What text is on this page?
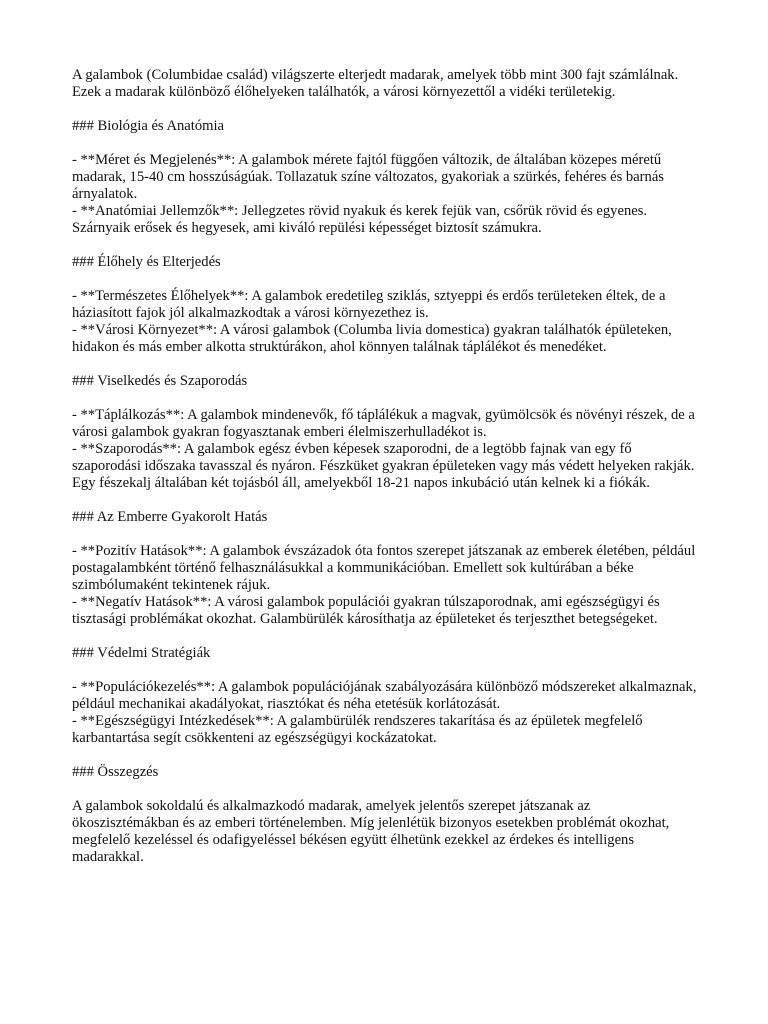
A galambok (Columbidae család) világszerte elterjedt madarak, amelyek több mint 300 fajt számlálnak. Ezek a madarak különböző élőhelyeken találhatók, a városi környezettől a vidéki területekig.

### Biológia és Anatómia

- **Méret és Megjelenés**: A galambok mérete fajtól függően változik, de általában közepes méretű madarak, 15-40 cm hosszúságúak. Tollazatuk színe változatos, gyakoriak a szürkés, fehéres és barnás árnyalatok.

- **Anatómiai Jellemzők**: Jellegzetes rövid nyakuk és kerek fejük van, csőrük rövid és egyenes. Szárnyaik erősek és hegyesek, ami kiváló repülési képességet biztosít számukra.

### Élőhely és Elterjedés

- **Természetes Élőhelyek**: A galambok eredetileg sziklás, sztyeppi és erdős területeken éltek, de a háziasított fajok jól alkalmazkodtak a városi környezethez is.

- **Városi Környezet**: A városi galambok (Columba livia domestica) gyakran találhatók épületeken, hidakon és más ember alkotta struktúrákon, ahol könnyen találnak táplálékot és menedéket.

### Viselkedés és Szaporodás

- **Táplálkozás**: A galambok mindenevők, fő táplálékuk a magvak, gyümölcsök és növényi részek, de a városi galambok gyakran fogyasztanak emberi élelmiszerhulladékot is.

- **Szaporodás**: A galambok egész évben képesek szaporodni, de a legtöbb fajnak van egy fő szaporodási időszaka tavasszal és nyáron. Fészküket gyakran épületeken vagy más védett helyeken rakják. Egy fészekalj általában két tojásból áll, amelyekből 18-21 napos inkubáció után kelnek ki a fiókák.

### Az Emberre Gyakorolt Hatás

- **Pozitív Hatások**: A galambok évszázadok óta fontos szerepet játszanak az emberek életében, például postagalambként történő felhasználásukkal a kommunikációban. Emellett sok kultúrában a béke szimbólumaként tekintenek rájuk.

- **Negatív Hatások**: A városi galambok populációi gyakran túlszaporodnak, ami egészségügyi és tisztasági problémákat okozhat. Galambürülék károsíthatja az épületeket és terjeszthet betegségeket.

### Védelmi Stratégiák

- **Populációkezelés**: A galambok populációjának szabályozására különböző módszereket alkalmaznak, például mechanikai akadályokat, riasztókat és néha etetésük korlátozását.

- **Egészségügyi Intézkedések**: A galambürülék rendszeres takarítása és az épületek megfelelő karbantartása segít csökkenteni az egészségügyi kockázatokat.

### Összegzés

A galambok sokoldalú és alkalmazkodó madarak, amelyek jelentős szerepet játszanak az ökoszisztémákban és az emberi történelemben. Míg jelenlétük bizonyos esetekben problémát okozhat, megfelelő kezeléssel és odafigyeléssel békésen együtt élhetünk ezekkel az érdekes és intelligens madarakkal.
